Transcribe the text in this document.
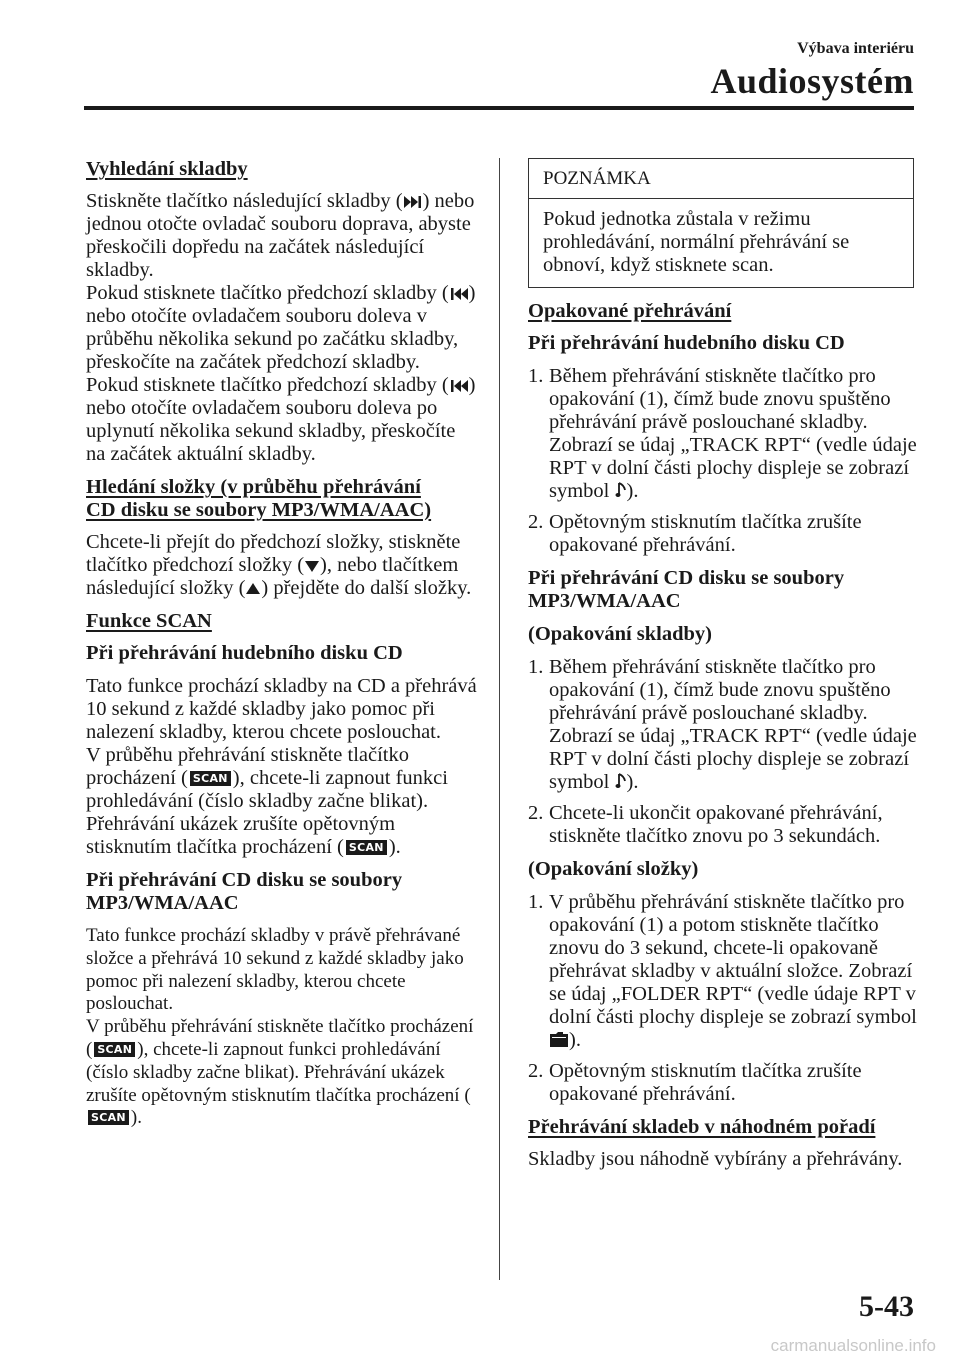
Výbava interiéru
Audiosystém

Vyhledání skladby

Stiskněte tlačítko následující skladby ( ) nebo jednou otočte ovladač souboru doprava, abyste přeskočili dopředu na začátek následující skladby.
Pokud stisknete tlačítko předchozí skladby ( ) nebo otočíte ovladačem souboru doleva v průběhu několika sekund po začátku skladby, přeskočíte na začátek předchozí skladby.
Pokud stisknete tlačítko předchozí skladby ( ) nebo otočíte ovladačem souboru doleva po uplynutí několika sekund skladby, přeskočíte na začátek aktuální skladby.

Hledání složky (v průběhu přehrávání
CD disku se soubory MP3/WMA/AAC)

Chcete-li přejít do předchozí složky, stiskněte tlačítko předchozí složky ( ), nebo tlačítkem následující složky ( ) přejděte do další složky.

Funkce SCAN

Při přehrávání hudebního disku CD

Tato funkce prochází skladby na CD a přehrává 10 sekund z každé skladby jako pomoc při nalezení skladby, kterou chcete poslouchat.
V průběhu přehrávání stiskněte tlačítko procházení ( SCAN ), chcete-li zapnout funkci prohledávání (číslo skladby začne blikat). Přehrávání ukázek zrušíte opětovným stisknutím tlačítka procházení ( SCAN ).

Při přehrávání CD disku se soubory
MP3/WMA/AAC

Tato funkce prochází skladby v právě přehrávané složce a přehrává 10 sekund z každé skladby jako pomoc při nalezení skladby, kterou chcete poslouchat.
V průběhu přehrávání stiskněte tlačítko procházení ( SCAN ), chcete-li zapnout funkci prohledávání (číslo skladby začne blikat). Přehrávání ukázek zrušíte opětovným stisknutím tlačítka procházení (SCAN ).

POZNÁMKA
Pokud jednotka zůstala v režimu prohledávání, normální přehrávání se obnoví, když stisknete scan.

Opakované přehrávání

Při přehrávání hudebního disku CD

1. Během přehrávání stiskněte tlačítko pro opakování (1), čímž bude znovu spuštěno přehrávání právě poslouchané skladby. Zobrazí se údaj „TRACK RPT“ (vedle údaje RPT v dolní části plochy displeje se zobrazí symbol ).
2. Opětovným stisknutím tlačítka zrušíte opakované přehrávání.

Při přehrávání CD disku se soubory
MP3/WMA/AAC

(Opakování skladby)

1. Během přehrávání stiskněte tlačítko pro opakování (1), čímž bude znovu spuštěno přehrávání právě poslouchané skladby. Zobrazí se údaj „TRACK RPT“ (vedle údaje RPT v dolní části plochy displeje se zobrazí symbol ).
2. Chcete-li ukončit opakované přehrávání, stiskněte tlačítko znovu po 3 sekundách.

(Opakování složky)

1. V průběhu přehrávání stiskněte tlačítko pro opakování (1) a potom stiskněte tlačítko znovu do 3 sekund, chcete-li opakovaně přehrávat skladby v aktuální složce. Zobrazí se údaj „FOLDER RPT“ (vedle údaje RPT v dolní části plochy displeje se zobrazí symbol ).
2. Opětovným stisknutím tlačítka zrušíte opakované přehrávání.

Přehrávání skladeb v náhodném pořadí

Skladby jsou náhodně vybírány a přehrávány.

5-43
carmanualsonline.info
